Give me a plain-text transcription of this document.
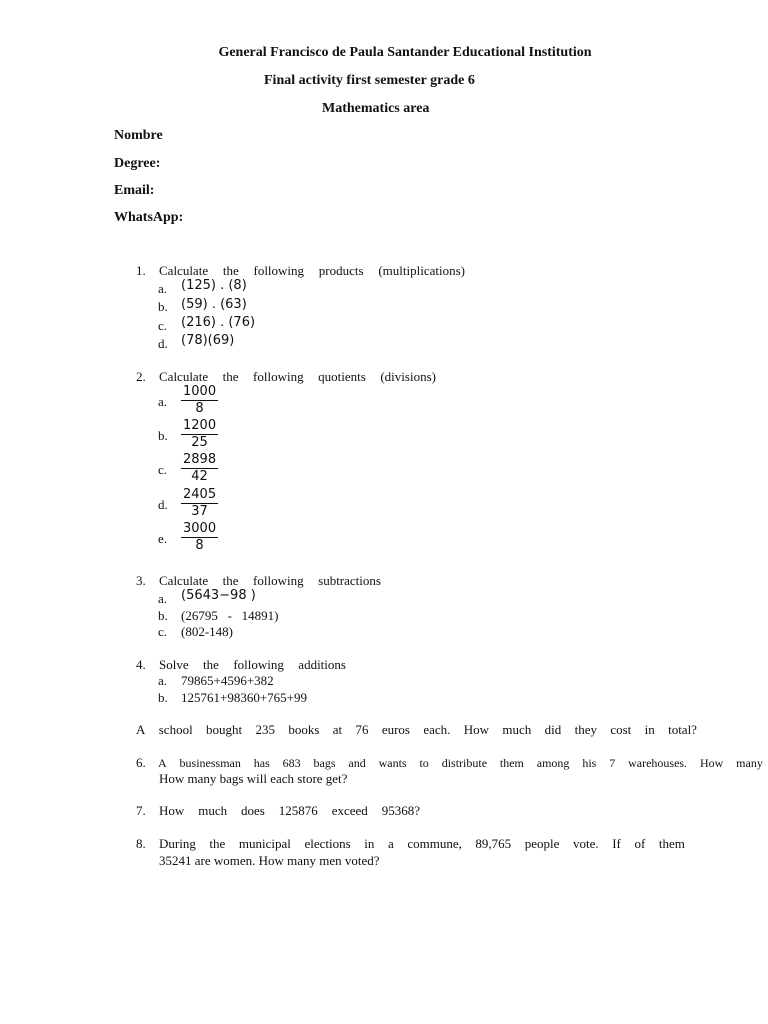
General Francisco de Paula Santander Educational Institution
Final activity first semester grade 6
Mathematics area
Nombre
Degree:
Email:
WhatsApp:
1. Calculate the following products (multiplications)
a. (125) . (8)
b. (59) . (63)
c. (216) . (76)
d. (78)(69)
2. Calculate the following quotients (divisions)
a. $\frac{1000}{8}$
b. $\frac{1200}{25}$
c. $\frac{2898}{42}$
d. $\frac{2405}{37}$
e. $\frac{3000}{8}$
3. Calculate the following subtractions
a. (5643−98 )
b. (26795   -   14891)
c. (802-148)
4. Solve the following additions
a. 79865+4596+382
b. 125761+98360+765+99
A school bought 235 books at 76 euros each. How much did they cost in total?
6. A businessman has 683 bags and wants to distribute them among his 7 warehouses. How many
How many bags will each store get?
7. How much does 125876 exceed 95368?
8. During the municipal elections in a commune, 89,765 people vote. If of them
35241 are women. How many men voted?
